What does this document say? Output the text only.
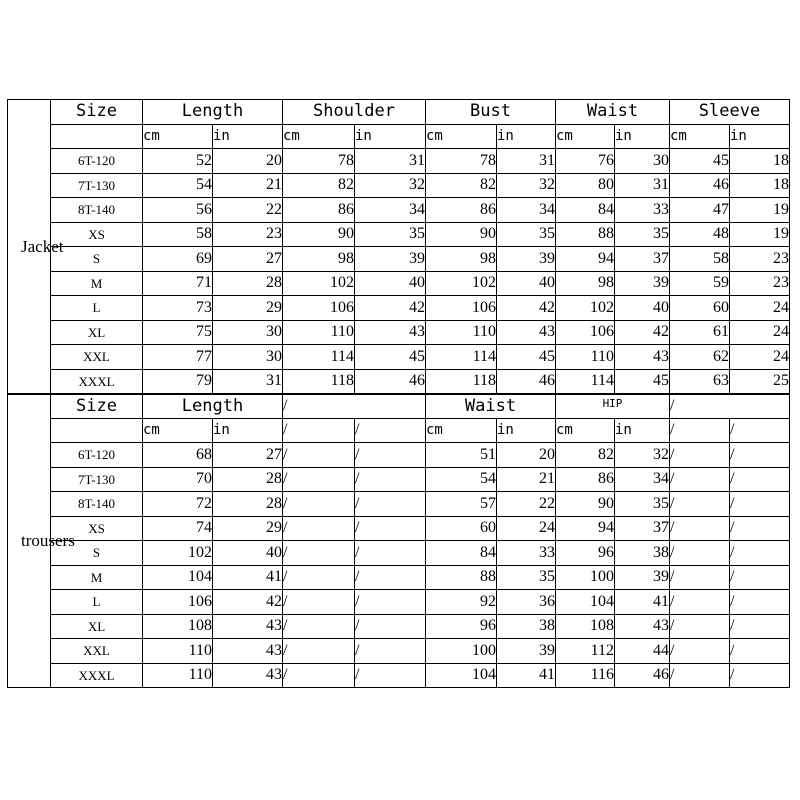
Jacket	Size	Length		Shoulder		Bust		Waist		Sleeve	
		cm	in	cm	in	cm	in	cm	in	cm	in
	6T-120	52	20	78	31	78	31	76	30	45	18
	7T-130	54	21	82	32	82	32	80	31	46	18
	8T-140	56	22	86	34	86	34	84	33	47	19
	XS	58	23	90	35	90	35	88	35	48	19
	S	69	27	98	39	98	39	94	37	58	23
	M	71	28	102	40	102	40	98	39	59	23
	L	73	29	106	42	106	42	102	40	60	24
	XL	75	30	110	43	110	43	106	42	61	24
	XXL	77	30	114	45	114	45	110	43	62	24
	XXXL	79	31	118	46	118	46	114	45	63	25
trousers	Size	Length		/		Waist		HIP		/	
		cm	in	/	/	cm	in	cm	in	/	/
	6T-120	68	27	/	/	51	20	82	32	/	/
	7T-130	70	28	/	/	54	21	86	34	/	/
	8T-140	72	28	/	/	57	22	90	35	/	/
	XS	74	29	/	/	60	24	94	37	/	/
	S	102	40	/	/	84	33	96	38	/	/
	M	104	41	/	/	88	35	100	39	/	/
	L	106	42	/	/	92	36	104	41	/	/
	XL	108	43	/	/	96	38	108	43	/	/
	XXL	110	43	/	/	100	39	112	44	/	/
	XXXL	110	43	/	/	104	41	116	46	/	/
